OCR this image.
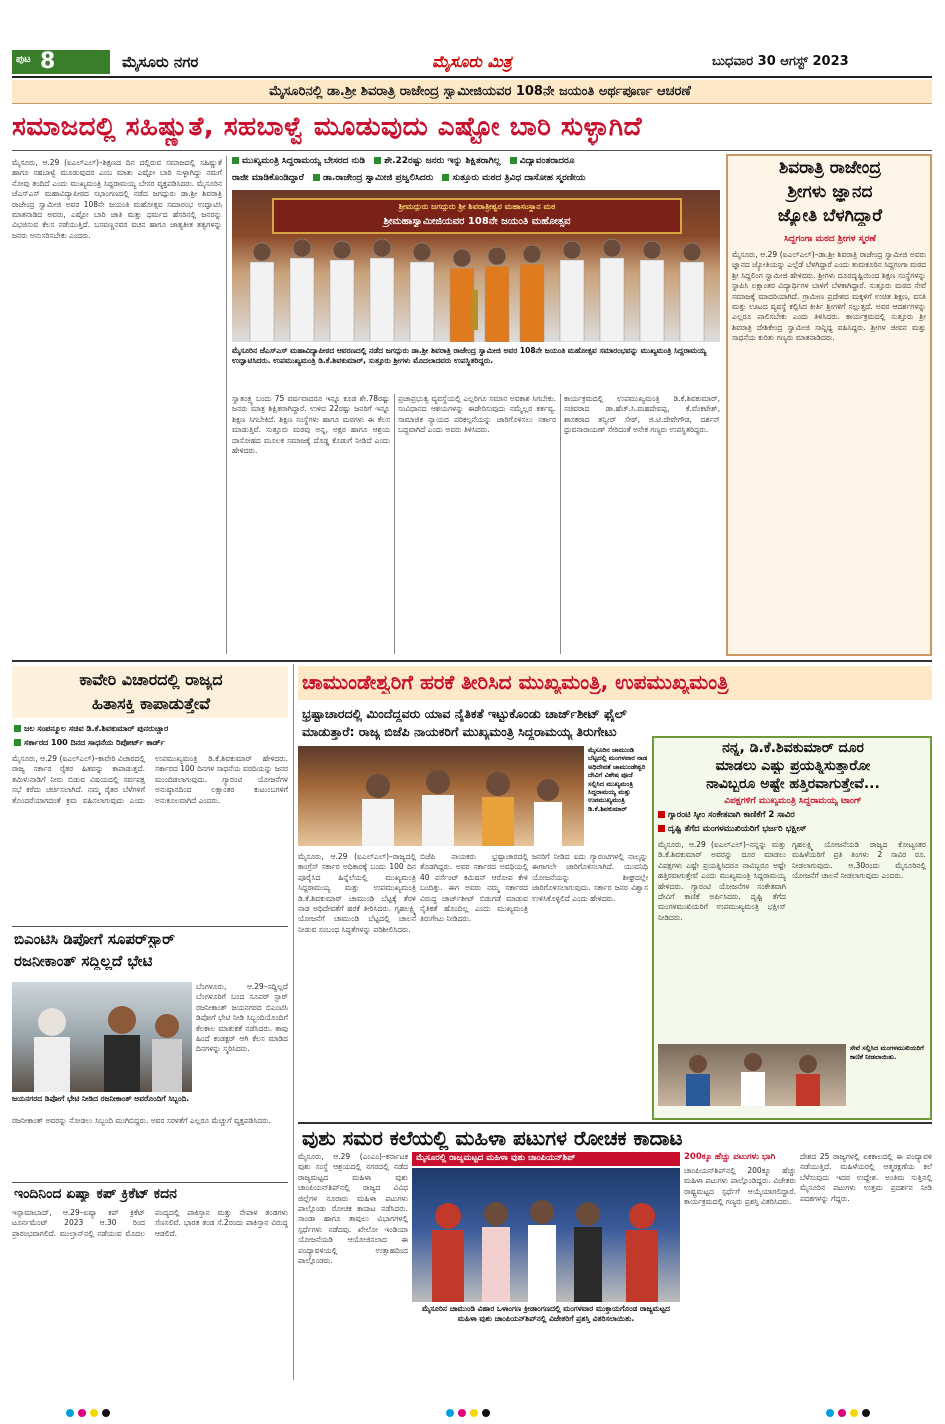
ಪುಟ 8	ಮೈಸೂರು ನಗರ	ಮೈಸೂರು ಮಿತ್ರ	ಬುಧವಾರ 30 ಆಗಸ್ಟ್ 2023
ಮೈಸೂರಿನಲ್ಲಿ ಡಾ.ಶ್ರೀ ಶಿವರಾತ್ರಿ ರಾಜೇಂದ್ರ ಸ್ವಾಮೀಜಿಯವರ 108ನೇ ಜಯಂತಿ ಅರ್ಥಪೂರ್ಣ ಆಚರಣೆ
ಸಮಾಜದಲ್ಲಿ ಸಹಿಷ್ಣುತೆ, ಸಹಬಾಳ್ವೆ ಮೂಡುವುದು ಎಷ್ಟೋ ಬಾರಿ ಸುಳ್ಳಾಗಿದೆ
ಮೈಸೂರು, ಆ.29 (ಐಎಲ್‌ಎಲ್)–ಶಿಕ್ಷಣದ ದಿನ ದಲ್ಲಿರುವ ಸಮಾಜದಲ್ಲಿ ಸಹಿಷ್ಣುತೆ ಹಾಗೂ ಸಹಬಾಳ್ವೆ ಮೂಡುವುದರ ಎಂಬ ಮಾತು ಎಷ್ಟೋ ಬಾರಿ ಸುಳ್ಳಾಗಿದ್ದು ನಮಗೆ ನೋವು ತಂದಿದೆ ಎಂದು ಮುಖ್ಯಮಂತ್ರಿ ಸಿದ್ದರಾಮಯ್ಯ ಬೇಸರ ವ್ಯಕ್ತಪಡಿಸಿದರು. ಮೈಸೂರಿನ ಜೆಎಸ್‌ಎಸ್ ಮಹಾವಿದ್ಯಾಪೀಠದ ಸಭಾಂಗಣದಲ್ಲಿ ನಡೆದ ಜಗದ್ಗುರು ಡಾ.ಶ್ರೀ ಶಿವರಾತ್ರಿ ರಾಜೇಂದ್ರ ಸ್ವಾಮೀಜಿ ಅವರ 108ನೇ ಜಯಂತಿ ಮಹೋತ್ಸವ ಸಮಾರಂಭ ಉದ್ಘಾಟಿಸಿ ಮಾತನಾಡಿದ ಅವರು, ಎಷ್ಟೋ ಬಾರಿ ಜಾತಿ ಮತ್ತು ಧರ್ಮದ ಹೆಸರಿನಲ್ಲಿ ಜನರನ್ನು ವಿಭಜಿಸುವ ಕೆಲಸ ನಡೆಯುತ್ತಿದೆ. ಬಸವಣ್ಣನವರ ವಚನ ಹಾಗೂ ಜಾತ್ಯತೀತ ತತ್ವಗಳನ್ನು ಜನರು ಅನುಸರಿಸಬೇಕು ಎಂದರು.
ಮುಖ್ಯಮಂತ್ರಿ ಸಿದ್ದರಾಮಯ್ಯ ಬೇಸರದ ನುಡಿ ಶೇ.22ರಷ್ಟು ಜನರು ಇನ್ನು ಶಿಕ್ಷಿತರಾಗಿಲ್ಲ ವಿದ್ಯಾವಂತರಾದರೂ
ರಾಜೀ ಮಾಡಿಕೊಂಡಿದ್ದಾರೆ ಡಾ.ರಾಜೇಂದ್ರ ಸ್ವಾಮೀಜಿ ಪ್ರಜ್ವಲಿಸಿದರು ಸುತ್ತೂರು ಮಠದ ತ್ರಿವಿಧ ದಾಸೋಹ ಸ್ಮರಣೀಯ
ಶ್ರೀಮದ್ಗುರು ಜಗದ್ಗುರು ಶ್ರೀ ಶಿವರಾತ್ರೀಶ್ವರ ಮಹಾಸಂಸ್ಥಾನ ಮಠ
ಶ್ರೀಮಹಾಸ್ವಾಮೀಜಿಯವರ 108ನೇ ಜಯಂತಿ ಮಹೋತ್ಸವ
ಮೈಸೂರಿನ ಜೆಎಸ್‌ಎಸ್ ಮಹಾವಿದ್ಯಾಪೀಠದ ಆವರಣದಲ್ಲಿ ನಡೆದ ಜಗದ್ಗುರು ಡಾ.ಶ್ರೀ ಶಿವರಾತ್ರಿ ರಾಜೇಂದ್ರ ಸ್ವಾಮೀಜಿ ಅವರ 108ನೇ ಜಯಂತಿ ಮಹೋತ್ಸವ ಸಮಾರಂಭವನ್ನು ಮುಖ್ಯಮಂತ್ರಿ ಸಿದ್ದರಾಮಯ್ಯ ಉದ್ಘಾಟಿಸಿದರು. ಉಪಮುಖ್ಯಮಂತ್ರಿ ಡಿ.ಕೆ.ಶಿವಕುಮಾರ್, ಸುತ್ತೂರು ಶ್ರೀಗಳು ಮೊದಲಾದವರು ಉಪಸ್ಥಿತರಿದ್ದರು.
ಸ್ವಾತಂತ್ರ್ಯ ಬಂದು 75 ವರ್ಷವಾದರೂ ಇನ್ನೂ ಕೂಡ ಶೇ.78ರಷ್ಟು ಜನರು ಮಾತ್ರ ಶಿಕ್ಷಿತರಾಗಿದ್ದಾರೆ. ಉಳಿದ 22ರಷ್ಟು ಜನರಿಗೆ ಇನ್ನೂ ಶಿಕ್ಷಣ ಸಿಗಬೇಕಿದೆ. ಶಿಕ್ಷಣ ಸಂಸ್ಥೆಗಳು ಹಾಗೂ ಮಠಗಳು ಈ ಕೆಲಸ ಮಾಡುತ್ತಿವೆ. ಸುತ್ತೂರು ಮಠವು ಅನ್ನ, ಅಕ್ಷರ ಹಾಗೂ ಆಶ್ರಯ ದಾಸೋಹದ ಮೂಲಕ ಸಮಾಜಕ್ಕೆ ದೊಡ್ಡ ಕೊಡುಗೆ ನೀಡಿದೆ ಎಂದು ಹೇಳಿದರು.
ಪ್ರಜಾಪ್ರಭುತ್ವ ವ್ಯವಸ್ಥೆಯಲ್ಲಿ ಎಲ್ಲರಿಗೂ ಸಮಾನ ಅವಕಾಶ ಸಿಗಬೇಕು. ಸಂವಿಧಾನದ ಆಶಯಗಳನ್ನು ಈಡೇರಿಸುವುದು ನಮ್ಮೆಲ್ಲರ ಕರ್ತವ್ಯ. ಸಾಮಾಜಿಕ ನ್ಯಾಯದ ಪರಿಕಲ್ಪನೆಯನ್ನು ಜಾರಿಗೊಳಿಸಲು ಸರ್ಕಾರ ಬದ್ಧವಾಗಿದೆ ಎಂದು ಅವರು ತಿಳಿಸಿದರು.
ಕಾರ್ಯಕ್ರಮದಲ್ಲಿ ಉಪಮುಖ್ಯಮಂತ್ರಿ ಡಿ.ಕೆ.ಶಿವಕುಮಾರ್, ಸಚಿವರಾದ ಡಾ.ಹೆಚ್.ಸಿ.ಮಹದೇವಪ್ಪ, ಕೆ.ವೆಂಕಟೇಶ್, ಶಾಸಕರಾದ ತನ್ವೀರ್ ಸೇಠ್, ಜಿ.ಟಿ.ದೇವೇಗೌಡ, ದರ್ಶನ್ ಧ್ರುವನಾರಾಯಣ್ ಸೇರಿದಂತೆ ಅನೇಕ ಗಣ್ಯರು ಉಪಸ್ಥಿತರಿದ್ದರು.
ಶಿವರಾತ್ರಿ ರಾಜೇಂದ್ರ
ಶ್ರೀಗಳು ಜ್ಞಾನದ
ಜ್ಯೋತಿ ಬೆಳಗಿದ್ದಾರೆ
ಸಿದ್ದಗಂಗಾ ಮಠದ ಶ್ರೀಗಳ ಸ್ಮರಣೆ
ಮೈಸೂರು, ಆ.29 (ಐಎಲ್‌ಎಲ್)–ಡಾ.ಶ್ರೀ ಶಿವರಾತ್ರಿ ರಾಜೇಂದ್ರ ಸ್ವಾಮೀಜಿ ಅವರು ಜ್ಞಾನದ ಜ್ಯೋತಿಯನ್ನು ಎಲ್ಲೆಡೆ ಬೆಳಗಿದ್ದಾರೆ ಎಂದು ತುಮಕೂರಿನ ಸಿದ್ದಗಂಗಾ ಮಠದ ಶ್ರೀ ಸಿದ್ದಲಿಂಗ ಸ್ವಾಮೀಜಿ ಹೇಳಿದರು. ಶ್ರೀಗಳು ದೂರದೃಷ್ಟಿಯಿಂದ ಶಿಕ್ಷಣ ಸಂಸ್ಥೆಗಳನ್ನು ಸ್ಥಾಪಿಸಿ ಲಕ್ಷಾಂತರ ವಿದ್ಯಾರ್ಥಿಗಳ ಬಾಳಿಗೆ ಬೆಳಕಾಗಿದ್ದಾರೆ. ಸುತ್ತೂರು ಮಠದ ಸೇವೆ ಸಮಾಜಕ್ಕೆ ಮಾದರಿಯಾಗಿದೆ. ಗ್ರಾಮೀಣ ಪ್ರದೇಶದ ಮಕ್ಕಳಿಗೆ ಉಚಿತ ಶಿಕ್ಷಣ, ವಸತಿ ಮತ್ತು ಊಟದ ವ್ಯವಸ್ಥೆ ಕಲ್ಪಿಸಿದ ಕೀರ್ತಿ ಶ್ರೀಗಳಿಗೆ ಸಲ್ಲುತ್ತದೆ. ಅವರ ಆದರ್ಶಗಳನ್ನು ಎಲ್ಲರೂ ಪಾಲಿಸಬೇಕು ಎಂದು ತಿಳಿಸಿದರು. ಕಾರ್ಯಕ್ರಮದಲ್ಲಿ ಸುತ್ತೂರು ಶ್ರೀ ಶಿವರಾತ್ರಿ ದೇಶಿಕೇಂದ್ರ ಸ್ವಾಮೀಜಿ ಸಾನ್ನಿಧ್ಯ ವಹಿಸಿದ್ದರು. ಶ್ರೀಗಳ ಜೀವನ ಮತ್ತು ಸಾಧನೆಯ ಕುರಿತು ಗಣ್ಯರು ಮಾತನಾಡಿದರು.
ಕಾವೇರಿ ವಿಚಾರದಲ್ಲಿ ರಾಜ್ಯದ
ಹಿತಾಸಕ್ತಿ ಕಾಪಾಡುತ್ತೇವೆ
ಜಲ ಸಂಪನ್ಮೂಲ ಸಚಿವ ಡಿ.ಕೆ.ಶಿವಕುಮಾರ್ ಪುನರುಚ್ಚಾರ
ಸರ್ಕಾರದ 100 ದಿನದ ಸಾಧನೆಯ ರಿಪೋರ್ಟ್ ಕಾರ್ಡ್
ಮೈಸೂರು, ಆ.29 (ಐಎಲ್‌ಎಲ್)–ಕಾವೇರಿ ವಿಚಾರದಲ್ಲಿ ರಾಜ್ಯ ಸರ್ಕಾರ ರೈತರ ಹಿತವನ್ನು ಕಾಪಾಡುತ್ತದೆ. ತಮಿಳುನಾಡಿಗೆ ನೀರು ಬಿಡುವ ವಿಷಯದಲ್ಲಿ ಸರ್ವಪಕ್ಷ ಸಭೆ ಕರೆದು ಚರ್ಚಿಸಲಾಗಿದೆ. ನಮ್ಮ ರೈತರ ಬೆಳೆಗಳಿಗೆ ತೊಂದರೆಯಾಗದಂತೆ ಕ್ರಮ ವಹಿಸಲಾಗುವುದು ಎಂದು ಉಪಮುಖ್ಯಮಂತ್ರಿ ಡಿ.ಕೆ.ಶಿವಕುಮಾರ್ ಹೇಳಿದರು. ಸರ್ಕಾರದ 100 ದಿನಗಳ ಸಾಧನೆಯ ವರದಿಯನ್ನು ಜನರ ಮುಂದಿಡಲಾಗುವುದು. ಗ್ಯಾರಂಟಿ ಯೋಜನೆಗಳ ಅನುಷ್ಠಾನದಿಂದ ಲಕ್ಷಾಂತರ ಕುಟುಂಬಗಳಿಗೆ ಅನುಕೂಲವಾಗಿದೆ ಎಂದರು.
ಬಿಎಂಟಿಸಿ ಡಿಪೋಗೆ ಸೂಪರ್‌ಸ್ಟಾರ್
ರಜನೀಕಾಂತ್ ಸದ್ದಿಲ್ಲದೆ ಭೇಟಿ
ಬೆಂಗಳೂರು, ಆ.29–ಸದ್ದಿಲ್ಲದೆ ಬೆಂಗಳೂರಿಗೆ ಬಂದ ಸೂಪರ್ ಸ್ಟಾರ್ ರಜನೀಕಾಂತ್ ಜಯನಗರದ ಬಿಎಂಟಿಸಿ ಡಿಪೋಗೆ ಭೇಟಿ ನೀಡಿ ಸಿಬ್ಬಂದಿಯೊಂದಿಗೆ ಕೆಲಕಾಲ ಮಾತುಕತೆ ನಡೆಸಿದರು. ತಾವು ಹಿಂದೆ ಕಂಡಕ್ಟರ್ ಆಗಿ ಕೆಲಸ ಮಾಡಿದ ದಿನಗಳನ್ನು ಸ್ಮರಿಸಿದರು.
ಜಯನಗರದ ಡಿಪೋಗೆ ಭೇಟಿ ನೀಡಿದ ರಜನೀಕಾಂತ್ ಅವರೊಂದಿಗೆ ಸಿಬ್ಬಂದಿ.
ರಜನೀಕಾಂತ್ ಅವರನ್ನು ನೋಡಲು ಸಿಬ್ಬಂದಿ ಮುಗಿಬಿದ್ದರು. ಅವರ ಸರಳತೆಗೆ ಎಲ್ಲರೂ ಮೆಚ್ಚುಗೆ ವ್ಯಕ್ತಪಡಿಸಿದರು.
ಇಂದಿನಿಂದ ಏಷ್ಯಾ ಕಪ್ ಕ್ರಿಕೆಟ್ ಕದನ
ಇಸ್ಲಾಮಾಬಾದ್, ಆ.29–ಏಷ್ಯಾ ಕಪ್ ಕ್ರಿಕೆಟ್ ಟೂರ್ನಮೆಂಟ್ 2023 ಆ.30 ರಿಂದ ಪ್ರಾರಂಭವಾಗಲಿದೆ. ಮುಲ್ತಾನ್‌ನಲ್ಲಿ ನಡೆಯುವ ಮೊದಲ ಪಂದ್ಯದಲ್ಲಿ ಪಾಕಿಸ್ತಾನ ಮತ್ತು ನೇಪಾಳ ತಂಡಗಳು ಸೆಣಸಲಿವೆ. ಭಾರತ ತಂಡ ಸೆ.2ರಂದು ಪಾಕಿಸ್ತಾನ ವಿರುದ್ಧ ಆಡಲಿದೆ.
ಚಾಮುಂಡೇಶ್ವರಿಗೆ ಹರಕೆ ತೀರಿಸಿದ ಮುಖ್ಯಮಂತ್ರಿ, ಉಪಮುಖ್ಯಮಂತ್ರಿ
ಭ್ರಷ್ಟಾಚಾರದಲ್ಲಿ ಮಿಂದೆದ್ದವರು ಯಾವ ನೈತಿಕತೆ ಇಟ್ಟುಕೊಂಡು ಚಾರ್ಜ್‌ಶೀಟ್ ಫೈಲ್
ಮಾಡುತ್ತಾರೆ: ರಾಜ್ಯ ಬಿಜೆಪಿ ನಾಯಕರಿಗೆ ಮುಖ್ಯಮಂತ್ರಿ ಸಿದ್ದರಾಮಯ್ಯ ತಿರುಗೇಟು
ಮೈಸೂರಿನ ಚಾಮುಂಡಿ ಬೆಟ್ಟದಲ್ಲಿ ಮಂಗಳವಾರ ನಾಡ ಅಧಿದೇವತೆ ಚಾಮುಂಡೇಶ್ವರಿ ದೇವಿಗೆ ವಿಶೇಷ ಪೂಜೆ ಸಲ್ಲಿಸಿದ ಮುಖ್ಯಮಂತ್ರಿ ಸಿದ್ದರಾಮಯ್ಯ ಮತ್ತು ಉಪಮುಖ್ಯಮಂತ್ರಿ ಡಿ.ಕೆ.ಶಿವಕುಮಾರ್
ಮೈಸೂರು, ಆ.29 (ಐಎಲ್‌ಎಲ್)–ರಾಜ್ಯದಲ್ಲಿ ಕಾಂಗ್ರೆಸ್ ಸರ್ಕಾರ ಅಧಿಕಾರಕ್ಕೆ ಬಂದು 100 ದಿನ ಪೂರೈಸಿದ ಹಿನ್ನೆಲೆಯಲ್ಲಿ ಮುಖ್ಯಮಂತ್ರಿ ಸಿದ್ದರಾಮಯ್ಯ ಮತ್ತು ಉಪಮುಖ್ಯಮಂತ್ರಿ ಡಿ.ಕೆ.ಶಿವಕುಮಾರ್ ಚಾಮುಂಡಿ ಬೆಟ್ಟಕ್ಕೆ ತೆರಳಿ ನಾಡ ಅಧಿದೇವತೆಗೆ ಹರಕೆ ತೀರಿಸಿದರು. ಗೃಹಲಕ್ಷ್ಮಿ ಯೋಜನೆಗೆ ಚಾಮುಂಡಿ ಬೆಟ್ಟದಲ್ಲಿ ಚಾಲನೆ ನೀಡುವ ಸಂಬಂಧ ಸಿದ್ಧತೆಗಳನ್ನು ಪರಿಶೀಲಿಸಿದರು.
ಬಿಜೆಪಿ ನಾಯಕರು ಭ್ರಷ್ಟಾಚಾರದಲ್ಲಿ ತೊಡಗಿದ್ದರು. ಅವರ ಸರ್ಕಾರದ ಅವಧಿಯಲ್ಲಿ 40 ಪರ್ಸೆಂಟ್ ಕಮಿಷನ್ ಆರೋಪ ಕೇಳಿ ಬಂದಿತ್ತು. ಈಗ ಅವರು ನಮ್ಮ ಸರ್ಕಾರದ ವಿರುದ್ಧ ಚಾರ್ಜ್‌ಶೀಟ್ ಬಿಡುಗಡೆ ಮಾಡುವ ನೈತಿಕತೆ ಹೊಂದಿಲ್ಲ ಎಂದು ಮುಖ್ಯಮಂತ್ರಿ ತಿರುಗೇಟು ನೀಡಿದರು.
ಜನರಿಗೆ ನೀಡಿದ ಐದು ಗ್ಯಾರಂಟಿಗಳಲ್ಲಿ ನಾಲ್ಕನ್ನು ಈಗಾಗಲೇ ಜಾರಿಗೊಳಿಸಲಾಗಿದೆ. ಯುವನಿಧಿ ಯೋಜನೆಯನ್ನು ಶೀಘ್ರದಲ್ಲೇ ಜಾರಿಗೊಳಿಸಲಾಗುವುದು. ಸರ್ಕಾರ ಜನರ ವಿಶ್ವಾಸ ಉಳಿಸಿಕೊಳ್ಳಲಿದೆ ಎಂದು ಹೇಳಿದರು.
ನನ್ನ, ಡಿ.ಕೆ.ಶಿವಕುಮಾರ್ ದೂರ
ಮಾಡಲು ಎಷ್ಟು ಪ್ರಯತ್ನಿಸುತ್ತಾರೋ
ನಾವಿಬ್ಬರೂ ಅಷ್ಟೇ ಹತ್ತಿರವಾಗುತ್ತೇವೆ...
ವಿಪಕ್ಷಗಳಿಗೆ ಮುಖ್ಯಮಂತ್ರಿ ಸಿದ್ದರಾಮಯ್ಯ ಟಾಂಗ್
ಗ್ಯಾರಂಟಿ ಸ್ಕೀಂ ಸಂಕೇತವಾಗಿ ಕಾಣಿಕೆಗೆ 2 ಸಾವಿರ
ದೃಷ್ಟಿ ತೆಗೆದ ಮಂಗಳಮುಖಿಯರಿಗೆ ಭರ್ಜರಿ ಭಕ್ಷೀಸ್
ಮೈಸೂರು, ಆ.29 (ಐಎಲ್‌ಎಲ್)–ನನ್ನನ್ನು ಮತ್ತು ಡಿ.ಕೆ.ಶಿವಕುಮಾರ್ ಅವರನ್ನು ದೂರ ಮಾಡಲು ವಿಪಕ್ಷಗಳು ಎಷ್ಟೇ ಪ್ರಯತ್ನಿಸಿದರೂ ನಾವಿಬ್ಬರೂ ಅಷ್ಟೇ ಹತ್ತಿರವಾಗುತ್ತೇವೆ ಎಂದು ಮುಖ್ಯಮಂತ್ರಿ ಸಿದ್ದರಾಮಯ್ಯ ಹೇಳಿದರು. ಗ್ಯಾರಂಟಿ ಯೋಜನೆಗಳ ಸಂಕೇತವಾಗಿ ದೇವಿಗೆ ಕಾಣಿಕೆ ಅರ್ಪಿಸಿದರು. ದೃಷ್ಟಿ ತೆಗೆದ ಮಂಗಳಮುಖಿಯರಿಗೆ ಉಪಮುಖ್ಯಮಂತ್ರಿ ಭಕ್ಷೀಸ್ ನೀಡಿದರು.
ಗೃಹಲಕ್ಷ್ಮಿ ಯೋಜನೆಯಡಿ ರಾಜ್ಯದ ಕೋಟ್ಯಂತರ ಮಹಿಳೆಯರಿಗೆ ಪ್ರತಿ ತಿಂಗಳು 2 ಸಾವಿರ ರೂ. ನೀಡಲಾಗುವುದು. ಆ.30ರಂದು ಮೈಸೂರಿನಲ್ಲಿ ಯೋಜನೆಗೆ ಚಾಲನೆ ನೀಡಲಾಗುವುದು ಎಂದರು.
ಸೇವೆ ಸಲ್ಲಿಸಿದ ಮಂಗಳಮುಖಿಯರಿಗೆ ಕಾಣಿಕೆ ನೀಡಲಾಯಿತು.
ವುಶು ಸಮರ ಕಲೆಯಲ್ಲಿ ಮಹಿಳಾ ಪಟುಗಳ ರೋಚಕ ಕಾದಾಟ
ಮೈಸೂರು, ಆ.29 (ಎಂಎಂ)–ಕರ್ನಾಟಕ ವುಶು ಸಂಸ್ಥೆ ಆಶ್ರಯದಲ್ಲಿ ನಗರದಲ್ಲಿ ನಡೆದ ರಾಜ್ಯಮಟ್ಟದ ಮಹಿಳಾ ವುಶು ಚಾಂಪಿಯನ್‌ಶಿಪ್‌ನಲ್ಲಿ ರಾಜ್ಯದ ವಿವಿಧ ಜಿಲ್ಲೆಗಳ ನೂರಾರು ಮಹಿಳಾ ಪಟುಗಳು ಪಾಲ್ಗೊಂಡು ರೋಚಕ ಕಾದಾಟ ನಡೆಸಿದರು. ಸಾಂಡಾ ಹಾಗೂ ತಾವುಲು ವಿಭಾಗಗಳಲ್ಲಿ ಸ್ಪರ್ಧೆಗಳು ನಡೆದವು. ಖೇಲೋ ಇಂಡಿಯಾ ಯೋಜನೆಯಡಿ ಆಯೋಜಿಸಲಾದ ಈ ಪಂದ್ಯಾವಳಿಯಲ್ಲಿ ಉತ್ಸಾಹದಿಂದ ಪಾಲ್ಗೊಂಡರು.
ಮೈಸೂರಲ್ಲಿ ರಾಜ್ಯಮಟ್ಟದ ಮಹಿಳಾ ವುಶು ಚಾಂಪಿಯನ್‌ಶಿಪ್
ಮೈಸೂರಿನ ಚಾಮುಂಡಿ ವಿಹಾರ ಒಳಾಂಗಣ ಕ್ರೀಡಾಂಗಣದಲ್ಲಿ ಮಂಗಳವಾರ ಮುಕ್ತಾಯಗೊಂಡ ರಾಜ್ಯಮಟ್ಟದ ಮಹಿಳಾ ವುಶು ಚಾಂಪಿಯನ್‌ಶಿಪ್‌ನಲ್ಲಿ ವಿಜೇತರಿಗೆ ಪ್ರಶಸ್ತಿ ವಿತರಿಸಲಾಯಿತು.
200ಕ್ಕೂ ಹೆಚ್ಚು ಪಟುಗಳು ಭಾಗಿ
ಚಾಂಪಿಯನ್‌ಶಿಪ್‌ನಲ್ಲಿ 200ಕ್ಕೂ ಹೆಚ್ಚು ಮಹಿಳಾ ಪಟುಗಳು ಪಾಲ್ಗೊಂಡಿದ್ದರು. ವಿಜೇತರು ರಾಷ್ಟ್ರಮಟ್ಟದ ಸ್ಪರ್ಧೆಗೆ ಆಯ್ಕೆಯಾಗಲಿದ್ದಾರೆ. ಕಾರ್ಯಕ್ರಮದಲ್ಲಿ ಗಣ್ಯರು ಪ್ರಶಸ್ತಿ ವಿತರಿಸಿದರು.
ದೇಶದ 25 ರಾಜ್ಯಗಳಲ್ಲಿ ಏಕಕಾಲದಲ್ಲಿ ಈ ಪಂದ್ಯಾವಳಿ ನಡೆಯುತ್ತಿದೆ. ಮಹಿಳೆಯರಲ್ಲಿ ಆತ್ಮರಕ್ಷಣೆಯ ಕಲೆ ಬೆಳೆಸುವುದು ಇದರ ಉದ್ದೇಶ. ಅಂತಿಮ ಸುತ್ತಿನಲ್ಲಿ ಮೈಸೂರಿನ ಪಟುಗಳು ಉತ್ತಮ ಪ್ರದರ್ಶನ ನೀಡಿ ಪದಕಗಳನ್ನು ಗೆದ್ದರು.
